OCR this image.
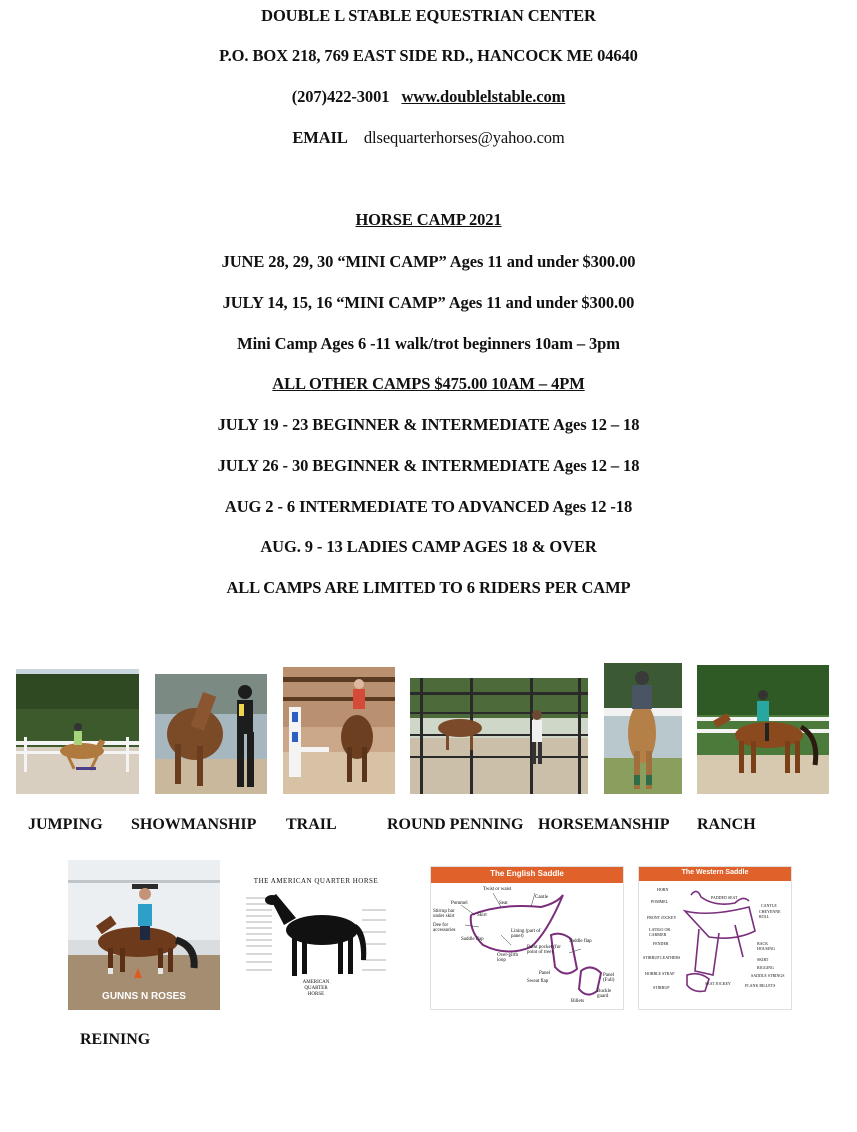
DOUBLE L STABLE EQUESTRIAN CENTER
P.O. BOX 218, 769 EAST SIDE RD., HANCOCK ME 04640
(207)422-3001 www.doublelstable.com
EMAIL dlsequarterhorses@yahoo.com
HORSE CAMP 2021
JUNE 28, 29, 30 “MINI CAMP” Ages 11 and under $300.00
JULY 14, 15, 16 “MINI CAMP” Ages 11 and under $300.00
Mini Camp Ages 6 -11 walk/trot beginners 10am – 3pm
ALL OTHER CAMPS $475.00 10AM – 4PM
JULY 19 - 23 BEGINNER & INTERMEDIATE Ages 12 – 18
JULY 26 - 30 BEGINNER & INTERMEDIATE Ages 12 – 18
AUG 2 - 6 INTERMEDIATE TO ADVANCED Ages 12 -18
AUG. 9 - 13 LADIES CAMP AGES 18 & OVER
ALL CAMPS ARE LIMITED TO 6 RIDERS PER CAMP
JUMPING SHOWMANSHIP TRAIL	ROUND PENNING HORSEMANSHIP RANCH
GUNNS N ROSES
THE AMERICAN QUARTER HORSE
AMERICAN
QUARTER
HORSE
The English Saddle
Twist or waist
Cantle
Pommel	Seat
Stirrup bar under skirt	Skirt
Dee for accessories
Saddle flap
Lining (part of panel)
Point pocket (for point of tree)
Saddle flap
Over-girth loop
Panel
Sweat flap
Panel (Full)
Buckle guard
Billets
The Western Saddle
HORN
POMMEL
PADDED SEAT
CANTLE
CHEYENNE ROLL
FRONT JOCKEY
LATIGO OR CARRIER
FENDER
STIRRUP LEATHERS
HOBBLE STRAP
STIRRUP
SEAT JOCKEY
BACK HOUSING
SKIRT
RIGGING
SADDLE STRINGS
FLANK BILLETS
REINING
